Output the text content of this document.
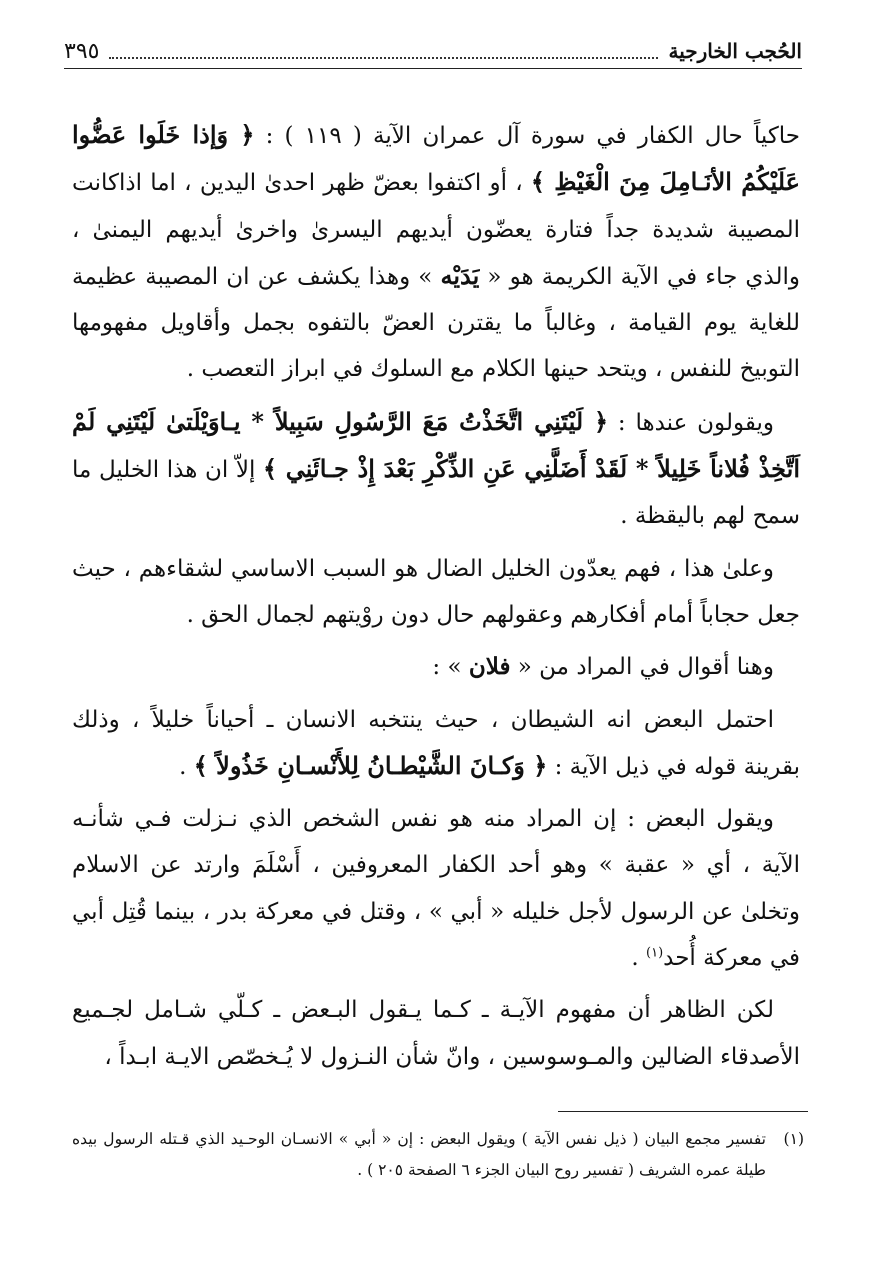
الحُجب الخارجية
٣٩٥

حاكياً حال الكفار في سورة آل عمران الآية ( ١١٩ ) : ﴿ وَإذا خَلَوا عَضُّوا عَلَيْكُمُ الأنَـامِلَ مِنَ الْغَيْظِ ﴾ ، أو اكتفوا بعضّ ظهر احدىٰ اليدين ، اما اذاكانت المصيبة شديدة جداً فتارة يعضّون أيديهم اليسرىٰ واخرىٰ أيديهم اليمنىٰ ، والذي جاء في الآية الكريمة هو « يَدَيْه » وهذا يكشف عن ان المصيبة عظيمة للغاية يوم القيامة ، وغالباً ما يقترن العضّ بالتفوه بجمل وأقاويل مفهومها التوبيخ للنفس ، ويتحد حينها الكلام مع السلوك في ابراز التعصب .

ويقولون عندها : ﴿ لَيْتَنِي اتَّخَذْتُ مَعَ الرَّسُولِ سَبِيلاً * يـاوَيْلَتىٰ لَيْتَنِي لَمْ اَتَّخِذْ فُلاناً خَلِيلاً * لَقَدْ أَضَلَّنِي عَنِ الذِّكْرِ بَعْدَ إِذْ جـائَنِي ﴾ إلاّ ان هذا الخليل ما سمح لهم باليقظة .

وعلىٰ هذا ، فهم يعدّون الخليل الضال هو السبب الاساسي لشقاءهم ، حيث جعل حجاباً أمام أفكارهم وعقولهم حال دون روْيتهم لجمال الحق .

وهنا أقوال في المراد من « فلان » :

احتمل البعض انه الشيطان ، حيث ينتخبه الانسان ـ أحياناً خليلاً ، وذلك بقرينة قوله في ذيل الآية : ﴿ وَكـانَ الشَّيْطـانُ لِلأَنْسـانِ خَذُولاً ﴾ .

ويقول البعض : إن المراد منه هو نفس الشخص الذي نـزلت فـي شأنـه الآية ، أي « عقبة » وهو أحد الكفار المعروفين ، أَسْلَمَ وارتد عن الاسلام وتخلىٰ عن الرسول لأجل خليله « أبي » ، وقتل في معركة بدر ، بينما قُتِل أبي في معركة أُحد$^{(١)}$ .

لكن الظاهر أن مفهوم الآيـة ـ كـما يـقول البـعض ـ كـلّي شـامل لجـميع الأصدقاء الضالين والمـوسوسين ، وانّ شأن النـزول لا يُـخصّص الايـة ابـداً ،

(١)
تفسير مجمع البيان ( ذيل نفس الآية ) ويقول البعض : إن « أبي » الانسـان الوحـيد الذي قـتله الرسول بيده طيلة عمره الشريف ( تفسير روح البيان الجزء ٦ الصفحة ٢٠٥ ) .
